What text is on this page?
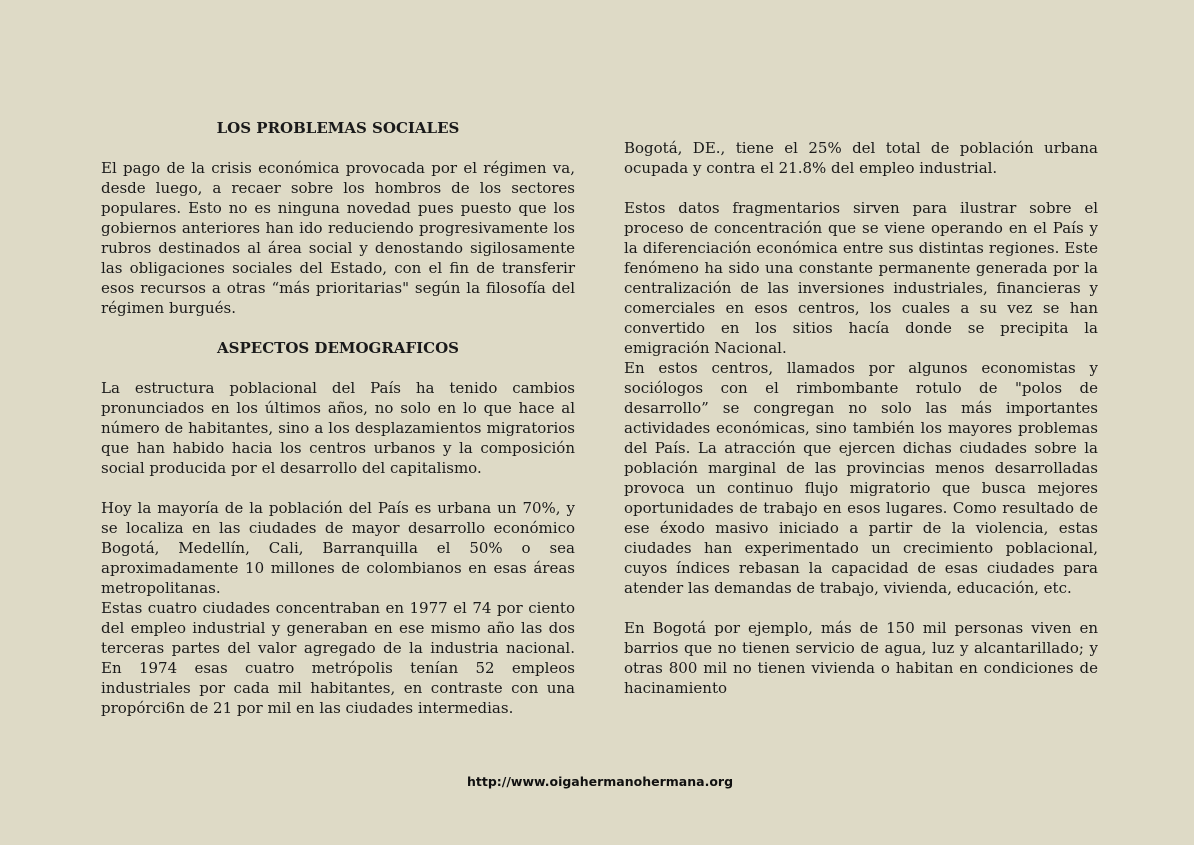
LOS PROBLEMAS SOCIALES

El pago de la crisis económica provocada por el régimen va, desde luego, a recaer sobre los hombros de los sectores populares. Esto no es ninguna novedad pues puesto que los gobiernos anteriores han ido reduciendo progresivamente los rubros destinados al área social y denostando sigilosamente las obligaciones sociales del Estado, con el fin de transferir esos recursos a otras “más prioritarias" según la filosofía del régimen burgués.

ASPECTOS DEMOGRAFICOS

La estructura poblacional del País ha tenido cambios pronunciados en los últimos años, no solo en lo que hace al número de habitantes, sino a los desplazamientos migratorios que han habido hacia los centros urbanos y la composición social producida por el desarrollo del capitalismo.

Hoy la mayoría de la población del País es urbana un 70%, y se localiza en las ciudades de mayor desarrollo económico Bogotá, Medellín, Cali, Barranquilla el 50% o sea aproximadamente 10 millones de colombianos en esas áreas metropolitanas.

Estas cuatro ciudades concentraban en 1977 el 74 por ciento del empleo industrial y generaban en ese mismo año las dos terceras partes del valor agregado de la industria nacional. En 1974 esas cuatro metrópolis tenían 52 empleos industriales por cada mil habitantes, en contraste con una propórci6n de 21 por mil en las ciudades intermedias.

Bogotá, DE., tiene el 25% del total de población urbana ocupada y contra el 21.8% del empleo industrial.

Estos datos fragmentarios sirven para ilustrar sobre el proceso de concentración que se viene operando en el País y la diferenciación económica entre sus distintas regiones. Este fenómeno ha sido una constante permanente generada por la centralización de las inversiones industriales, financieras y comerciales en esos centros, los cuales a su vez se han convertido en los sitios hacía donde se precipita la emigración Nacional.

En estos centros, llamados por algunos economistas y sociólogos con el rimbombante rotulo de "polos de desarrollo” se congregan no solo las más importantes actividades económicas, sino también los mayores problemas del País. La atracción que ejercen dichas ciudades sobre la población marginal de las provincias menos desarrolladas provoca un continuo flujo migratorio que busca mejores oportunidades de trabajo en esos lugares. Como resultado de ese éxodo masivo iniciado a partir de la violencia, estas ciudades han experimentado un crecimiento poblacional, cuyos índices rebasan la capacidad de esas ciudades para atender las demandas de trabajo, vivienda, educación, etc.

En Bogotá por ejemplo, más de 150 mil personas viven en barrios que no tienen servicio de agua, luz y alcantarillado; y otras 800 mil no tienen vivienda o habitan en condiciones de hacinamiento

http://www.oigahermanohermana.org
